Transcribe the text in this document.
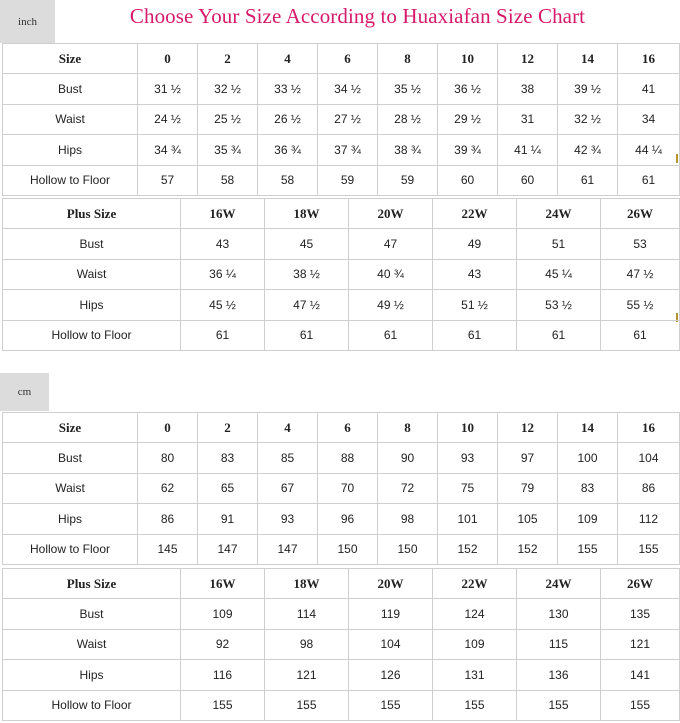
inch	Choose Your Size According to Huaxiafan Size Chart
cm
Size	0	2	4	6	8	10	12	14	16
Bust	31 ½	32 ½	33 ½	34 ½	35 ½	36 ½	38	39 ½	41
Waist	24 ½	25 ½	26 ½	27 ½	28 ½	29 ½	31	32 ½	34
Hips	34 ¾	35 ¾	36 ¾	37 ¾	38 ¾	39 ¾	41 ¼	42 ¾	44 ¼
Hollow to Floor	57	58	58	59	59	60	60	61	61
Plus Size	16W	18W	20W	22W	24W	26W
Bust	43	45	47	49	51	53
Waist	36 ¼	38 ½	40 ¾	43	45 ¼	47 ½
Hips	45 ½	47 ½	49 ½	51 ½	53 ½	55 ½
Hollow to Floor	61	61	61	61	61	61
Size	0	2	4	6	8	10	12	14	16
Bust	80	83	85	88	90	93	97	100	104
Waist	62	65	67	70	72	75	79	83	86
Hips	86	91	93	96	98	101	105	109	112
Hollow to Floor	145	147	147	150	150	152	152	155	155
Plus Size	16W	18W	20W	22W	24W	26W
Bust	109	114	119	124	130	135
Waist	92	98	104	109	115	121
Hips	116	121	126	131	136	141
Hollow to Floor	155	155	155	155	155	155
